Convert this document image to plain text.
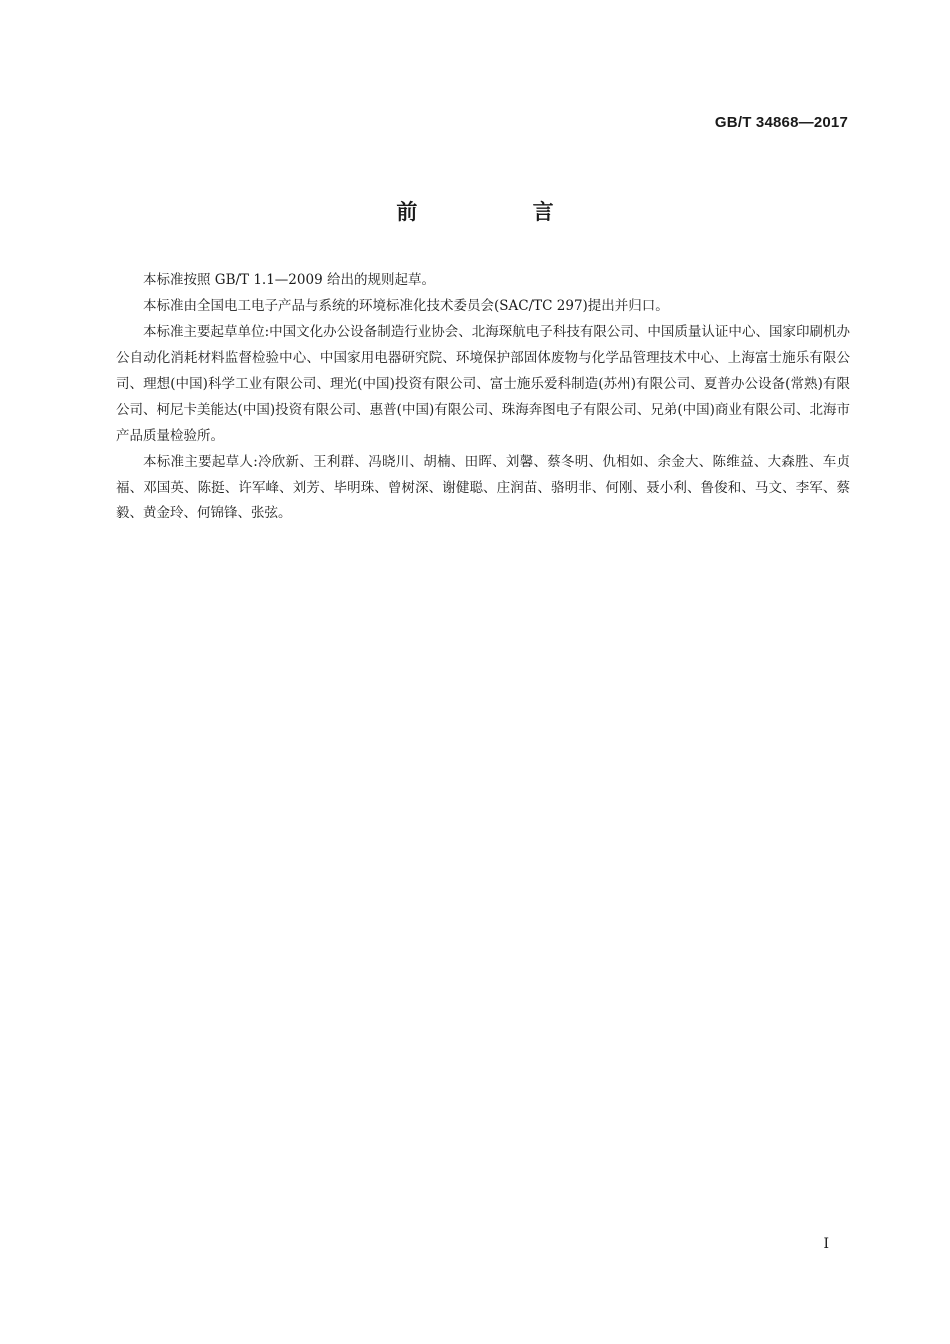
GB/T 34868—2017
前 言

本标准按照 GB/T 1.1—2009 给出的规则起草。

本标准由全国电工电子产品与系统的环境标准化技术委员会(SAC/TC 297)提出并归口。

本标准主要起草单位:中国文化办公设备制造行业协会、北海琛航电子科技有限公司、中国质量认证中心、国家印刷机办公自动化消耗材料监督检验中心、中国家用电器研究院、环境保护部固体废物与化学品管理技术中心、上海富士施乐有限公司、理想(中国)科学工业有限公司、理光(中国)投资有限公司、富士施乐爱科制造(苏州)有限公司、夏普办公设备(常熟)有限公司、柯尼卡美能达(中国)投资有限公司、惠普(中国)有限公司、珠海奔图电子有限公司、兄弟(中国)商业有限公司、北海市产品质量检验所。

本标准主要起草人:冷欣新、王利群、冯晓川、胡楠、田晖、刘馨、蔡冬明、仇相如、余金大、陈维益、大森胜、车贞福、邓国英、陈挺、许军峰、刘芳、毕明珠、曾树深、谢健聪、庄润苗、骆明非、何刚、聂小利、鲁俊和、马文、李军、蔡毅、黄金玲、何锦锋、张弦。

I
